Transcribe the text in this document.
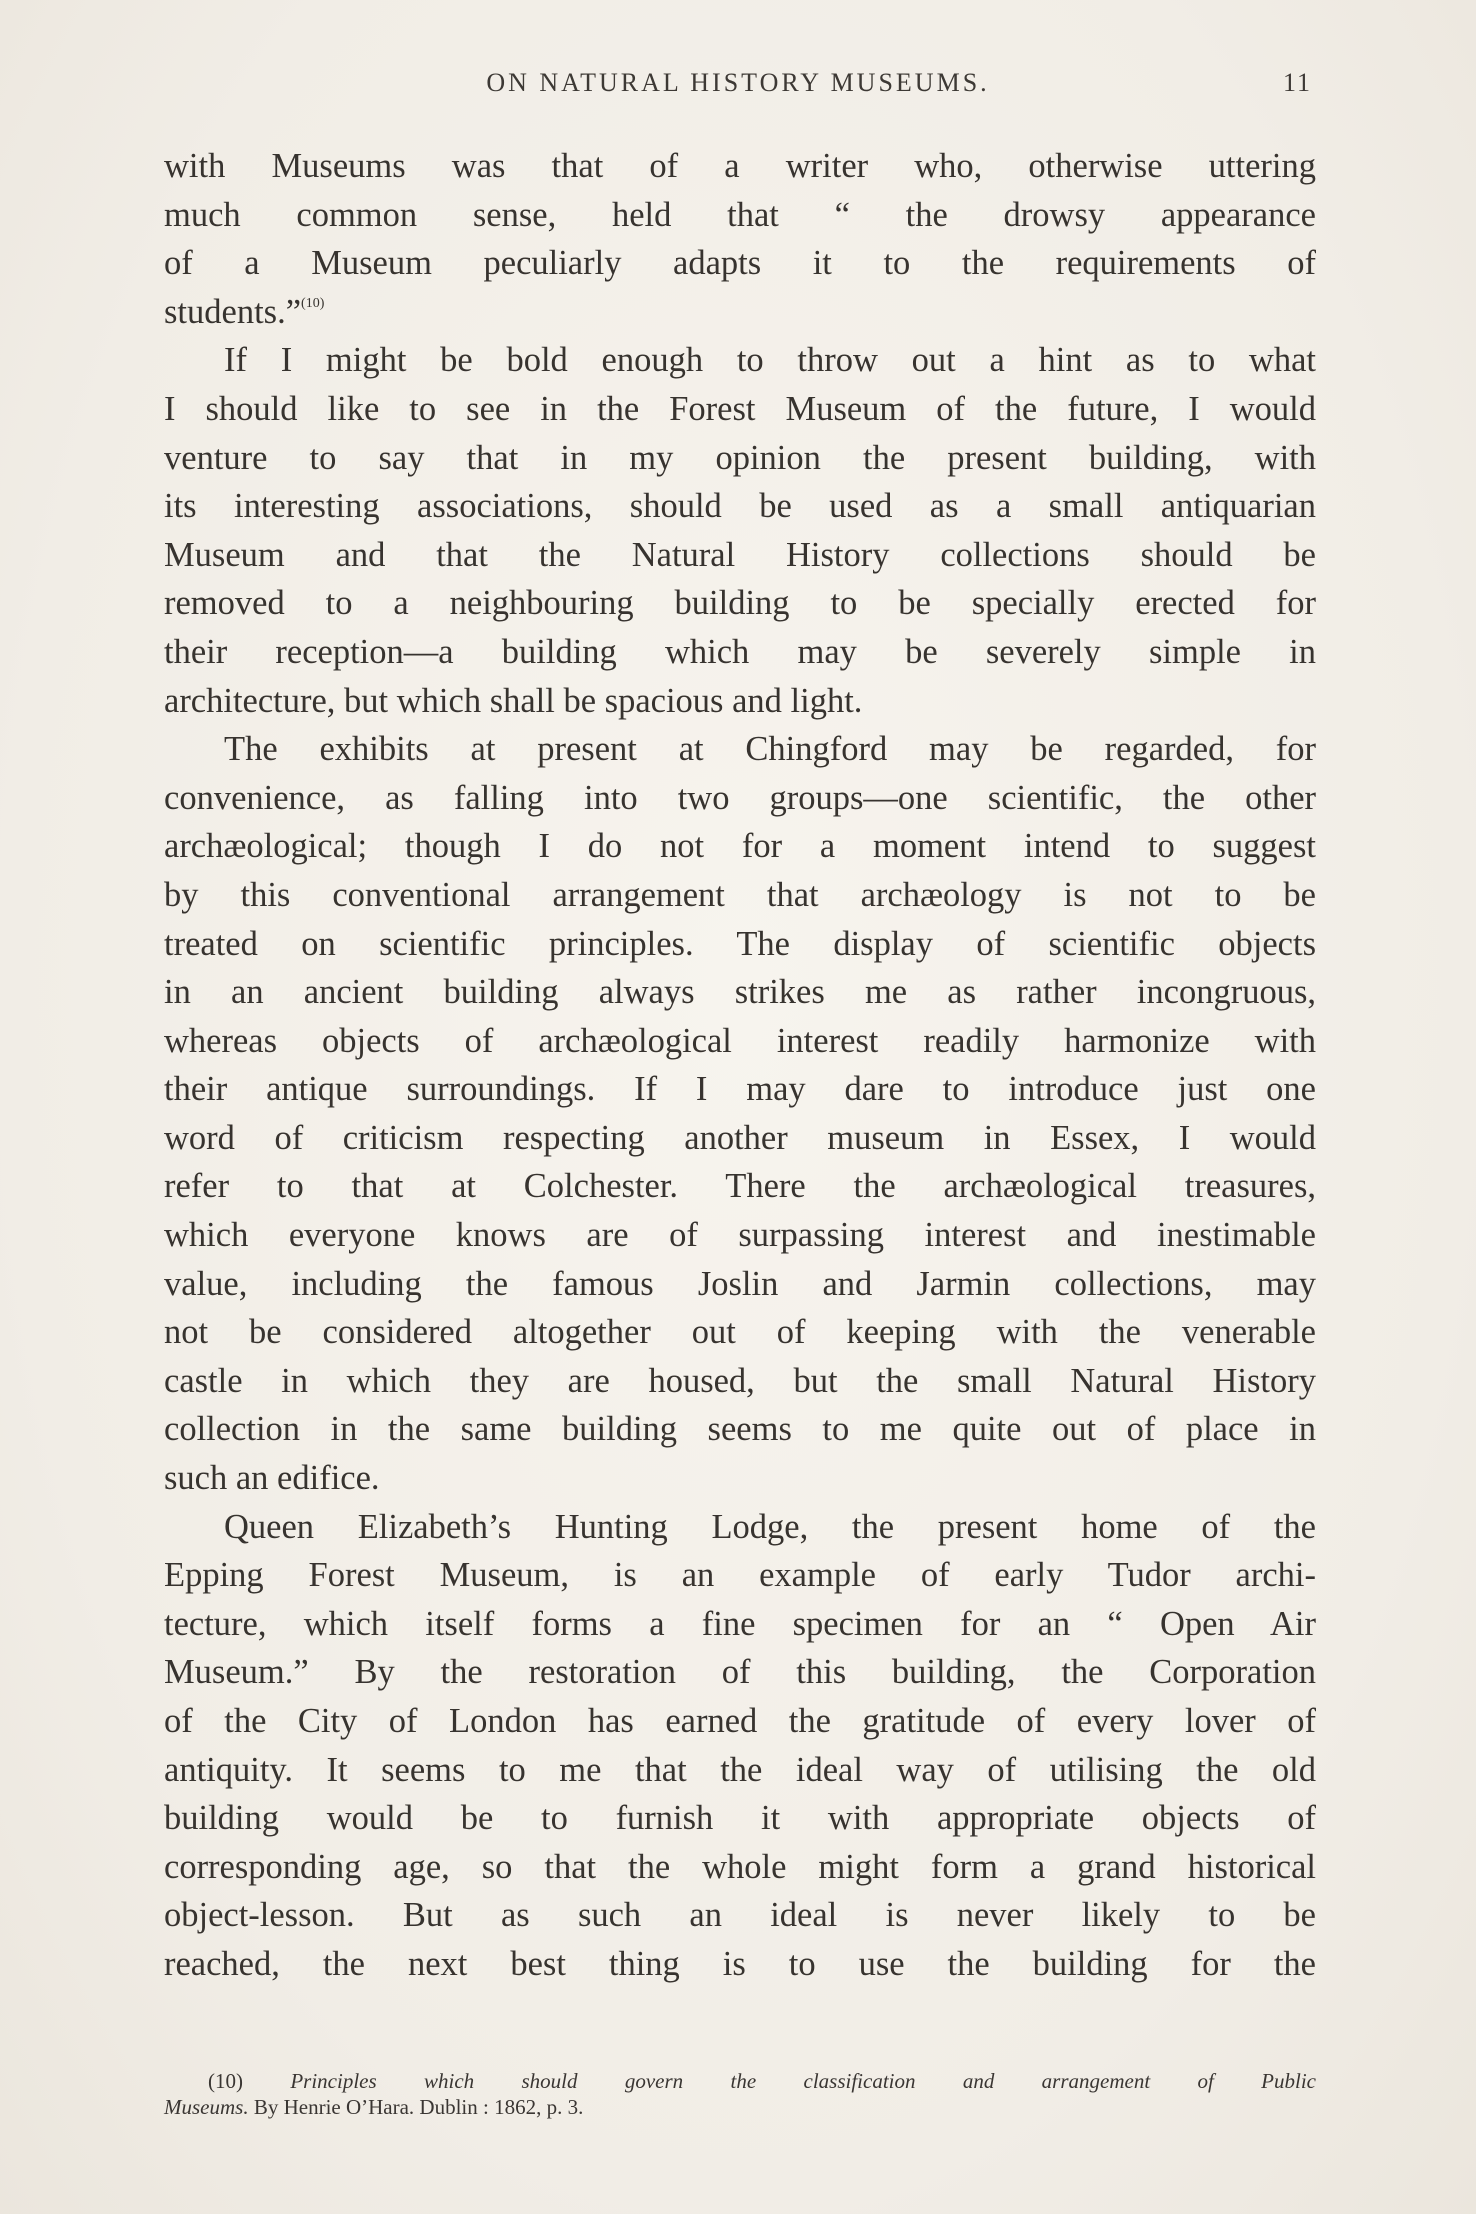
ON NATURAL HISTORY MUSEUMS.	11
with Museums was that of a writer who, otherwise uttering
much common sense, held that “ the drowsy appearance
of a Museum peculiarly adapts it to the requirements of
students.”$^{(10)}$
If I might be bold enough to throw out a hint as to what
I should like to see in the Forest Museum of the future, I would
venture to say that in my opinion the present building, with
its interesting associations, should be used as a small antiquarian
Museum and that the Natural History collections should be
removed to a neighbouring building to be specially erected for
their reception—a building which may be severely simple in
architecture, but which shall be spacious and light.
The exhibits at present at Chingford may be regarded, for
convenience, as falling into two groups—one scientific, the other
archæological; though I do not for a moment intend to suggest
by this conventional arrangement that archæology is not to be
treated on scientific principles. The display of scientific objects
in an ancient building always strikes me as rather incongruous,
whereas objects of archæological interest readily harmonize with
their antique surroundings. If I may dare to introduce just one
word of criticism respecting another museum in Essex, I would
refer to that at Colchester. There the archæological treasures,
which everyone knows are of surpassing interest and inestimable
value, including the famous Joslin and Jarmin collections, may
not be considered altogether out of keeping with the venerable
castle in which they are housed, but the small Natural History
collection in the same building seems to me quite out of place in
such an edifice.
Queen Elizabeth’s Hunting Lodge, the present home of the
Epping Forest Museum, is an example of early Tudor archi-
tecture, which itself forms a fine specimen for an “ Open Air
Museum.” By the restoration of this building, the Corporation
of the City of London has earned the gratitude of every lover of
antiquity. It seems to me that the ideal way of utilising the old
building would be to furnish it with appropriate objects of
corresponding age, so that the whole might form a grand historical
object-lesson. But as such an ideal is never likely to be
reached, the next best thing is to use the building for the
(10) Principles which should govern the classification and arrangement of Public
Museums. By Henrie O’Hara. Dublin : 1862, p. 3.
